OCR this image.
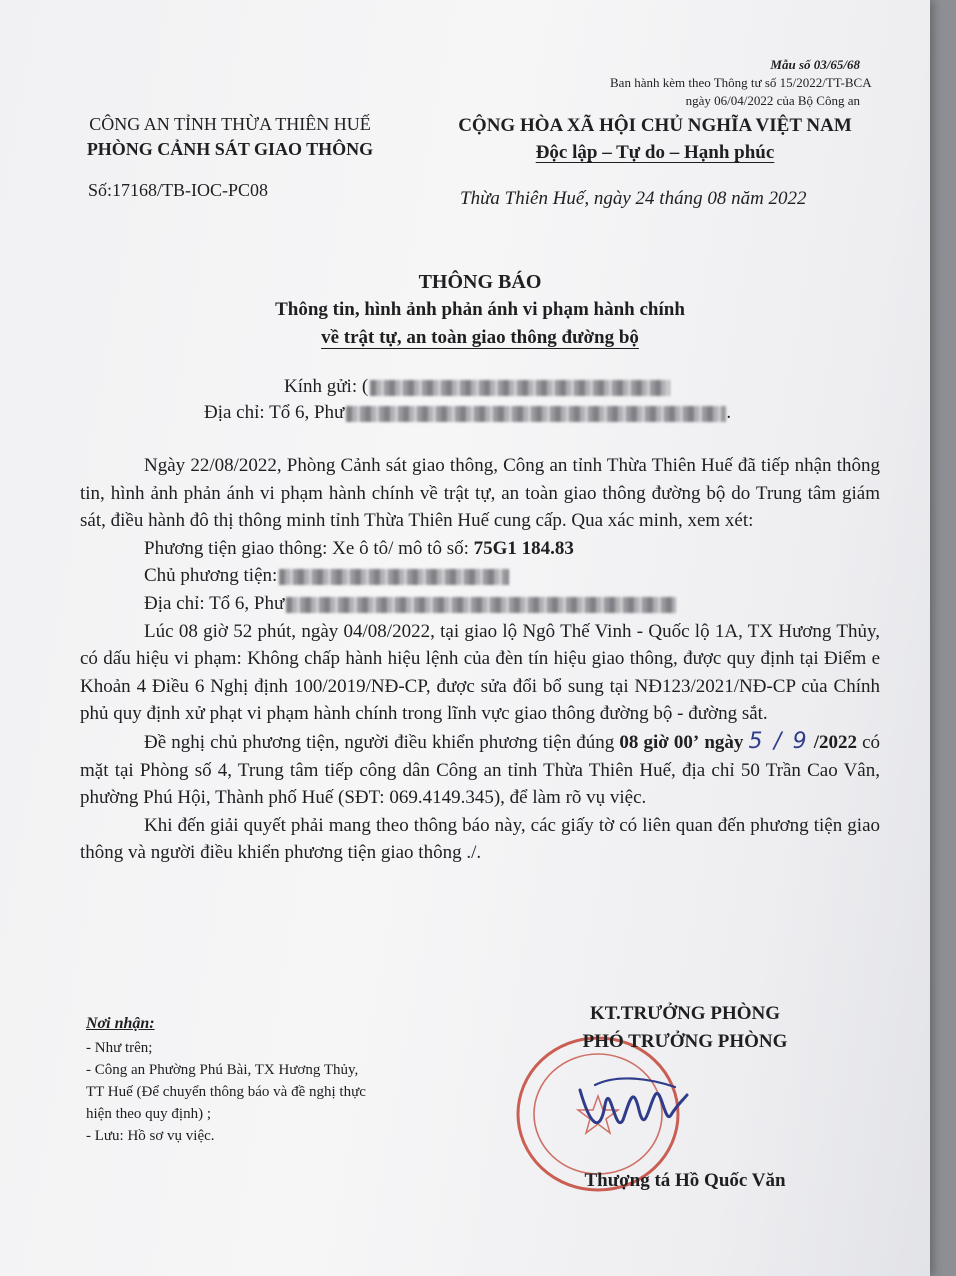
Mẫu số 03/65/68
Ban hành kèm theo Thông tư số 15/2022/TT-BCA
ngày 06/04/2022 của Bộ Công an
CÔNG AN TỈNH THỪA THIÊN HUẾ
PHÒNG CẢNH SÁT GIAO THÔNG
Số:17168/TB-IOC-PC08
CỘNG HÒA XÃ HỘI CHỦ NGHĨA VIỆT NAM
Độc lập – Tự do – Hạnh phúc
Thừa Thiên Huế, ngày 24 tháng 08 năm 2022
THÔNG BÁO
Thông tin, hình ảnh phản ánh vi phạm hành chính
về trật tự, an toàn giao thông đường bộ
Kính gửi: (
Địa chỉ: Tổ 6, Phư	.

Ngày 22/08/2022, Phòng Cảnh sát giao thông, Công an tỉnh Thừa Thiên Huế đã tiếp nhận thông tin, hình ảnh phản ánh vi phạm hành chính về trật tự, an toàn giao thông đường bộ do Trung tâm giám sát, điều hành đô thị thông minh tỉnh Thừa Thiên Huế cung cấp. Qua xác minh, xem xét:

Phương tiện giao thông: Xe ô tô/ mô tô số: 75G1 184.83

Chủ phương tiện:

Địa chỉ: Tổ 6, Phư

Lúc 08 giờ 52 phút, ngày 04/08/2022, tại giao lộ Ngô Thế Vinh - Quốc lộ 1A, TX Hương Thủy, có dấu hiệu vi phạm: Không chấp hành hiệu lệnh của đèn tín hiệu giao thông, được quy định tại Điểm e Khoản 4 Điều 6 Nghị định 100/2019/NĐ-CP, được sửa đổi bổ sung tại NĐ123/2021/NĐ-CP của Chính phủ quy định xử phạt vi phạm hành chính trong lĩnh vực giao thông đường bộ - đường sắt.

Đề nghị chủ phương tiện, người điều khiển phương tiện đúng 08 giờ 00’ ngày 5 / 9 /2022 có mặt tại Phòng số 4, Trung tâm tiếp công dân Công an tỉnh Thừa Thiên Huế, địa chỉ 50 Trần Cao Vân, phường Phú Hội, Thành phố Huế (SĐT: 069.4149.345), để làm rõ vụ việc.

Khi đến giải quyết phải mang theo thông báo này, các giấy tờ có liên quan đến phương tiện giao thông và người điều khiển phương tiện giao thông ./.

Nơi nhận:
- Như trên;
- Công an Phường Phú Bài, TX Hương Thủy,
TT Huế (Để chuyển thông báo và đề nghị thực
hiện theo quy định) ;
- Lưu: Hồ sơ vụ việc.
KT.TRƯỞNG PHÒNG
PHÓ TRƯỞNG PHÒNG
Thượng tá Hồ Quốc Văn
